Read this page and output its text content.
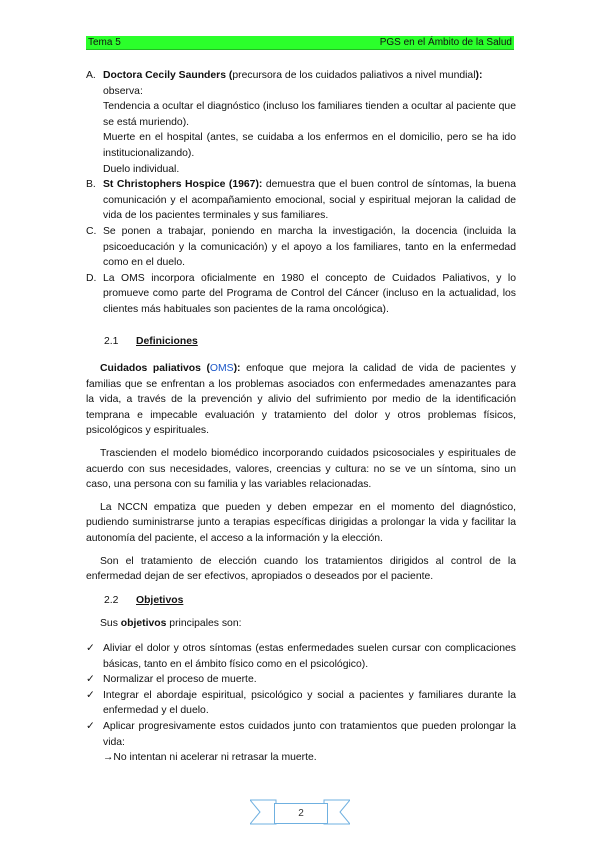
Tema 5	PGS en el Ámbito de la Salud
A. Doctora Cecily Saunders (precursora de los cuidados paliativos a nivel mundial):

observa:

Tendencia a ocultar el diagnóstico (incluso los familiares tienden a ocultar al paciente que se está muriendo).

Muerte en el hospital (antes, se cuidaba a los enfermos en el domicilio, pero se ha ido institucionalizando).

Duelo individual.

B. St Christophers Hospice (1967): demuestra que el buen control de síntomas, la buena comunicación y el acompañamiento emocional, social y espiritual mejoran la calidad de vida de los pacientes terminales y sus familiares.
C. Se ponen a trabajar, poniendo en marcha la investigación, la docencia (incluida la psicoeducación y la comunicación) y el apoyo a los familiares, tanto en la enfermedad como en el duelo.
D. La OMS incorpora oficialmente en 1980 el concepto de Cuidados Paliativos, y lo promueve como parte del Programa de Control del Cáncer (incluso en la actualidad, los clientes más habituales son pacientes de la rama oncológica).
2.1 Definiciones

Cuidados paliativos (OMS): enfoque que mejora la calidad de vida de pacientes y familias que se enfrentan a los problemas asociados con enfermedades amenazantes para la vida, a través de la prevención y alivio del sufrimiento por medio de la identificación temprana e impecable evaluación y tratamiento del dolor y otros problemas físicos, psicológicos y espirituales.

Trascienden el modelo biomédico incorporando cuidados psicosociales y espirituales de acuerdo con sus necesidades, valores, creencias y cultura: no se ve un síntoma, sino un caso, una persona con su familia y las variables relacionadas.

La NCCN empatiza que pueden y deben empezar en el momento del diagnóstico, pudiendo suministrarse junto a terapias específicas dirigidas a prolongar la vida y facilitar la autonomía del paciente, el acceso a la información y la elección.

Son el tratamiento de elección cuando los tratamientos dirigidos al control de la enfermedad dejan de ser efectivos, apropiados o deseados por el paciente.

2.2 Objetivos

Sus objetivos principales son:

✓ Aliviar el dolor y otros síntomas (estas enfermedades suelen cursar con complicaciones básicas, tanto en el ámbito físico como en el psicológico).
✓ Normalizar el proceso de muerte.
✓ Integrar el abordaje espiritual, psicológico y social a pacientes y familiares durante la enfermedad y el duelo.
✓ Aplicar progresivamente estos cuidados junto con tratamientos que pueden prolongar la vida:
→No intentan ni acelerar ni retrasar la muerte.
2
